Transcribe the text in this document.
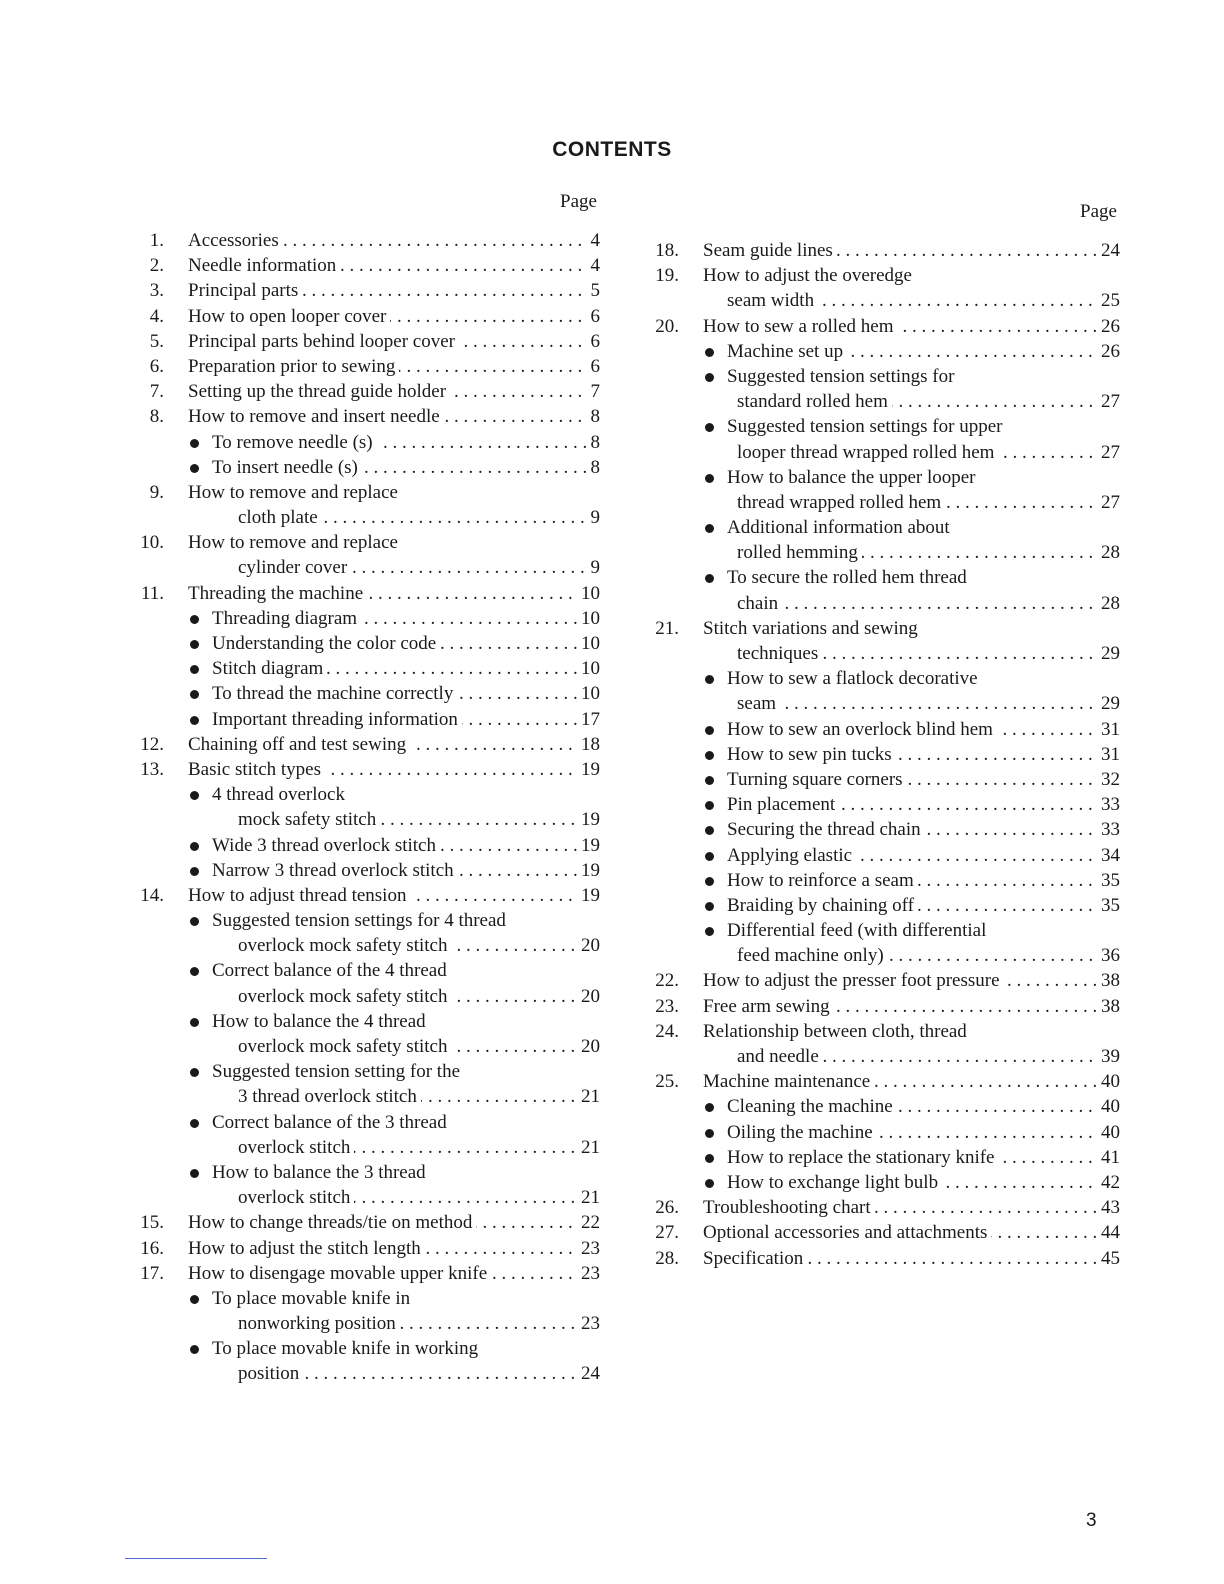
CONTENTS
Page	Page
1. Accessories	4
. . .
2. Needle information	4
. . .
3. Principal parts	5
. . .
4. How to open looper cover	6
. . .
5. Principal parts behind looper cover	6
. . .
6. Preparation prior to sewing	6
. . .
7. Setting up the thread guide holder	7
. . .
8. How to remove and insert needle	8
. . .
To remove needle (s)	8
. . .
To insert needle (s)	8
. . .
9. How to remove and replace
cloth plate	9
. . .
10. How to remove and replace
cylinder cover	9
. . .
11. Threading the machine	10
. . .
Threading diagram	10
. . .
Understanding the color code	10
. . .
Stitch diagram	10
. . .
To thread the machine correctly	10
. . .
Important threading information	17
. . .
12. Chaining off and test sewing	18
. . .
13. Basic stitch types	19
. . .
4 thread overlock
mock safety stitch	19
. . .
Wide 3 thread overlock stitch	19
. . .
Narrow 3 thread overlock stitch	19
. . .
14. How to adjust thread tension	19
. . .
Suggested tension settings for 4 thread
overlock mock safety stitch	20
. . .
Correct balance of the 4 thread
overlock mock safety stitch	20
. . .
How to balance the 4 thread
overlock mock safety stitch	20
. . .
Suggested tension setting for the
3 thread overlock stitch	21
. . .
Correct balance of the 3 thread
overlock stitch	21
. . .
How to balance the 3 thread
overlock stitch	21
. . .
15. How to change threads/tie on method	22
. . .
16. How to adjust the stitch length	23
. . .
17. How to disengage movable upper knife	23
. . .
To place movable knife in
nonworking position	23
. . .
To place movable knife in working
position	24
. . .
18. Seam guide lines	24
. . .
19. How to adjust the overedge
seam width	25
. . .
20. How to sew a rolled hem	26
. . .
Machine set up	26
. . .
Suggested tension settings for
standard rolled hem	27
. . .
Suggested tension settings for upper
looper thread wrapped rolled hem	27
. . .
How to balance the upper looper
thread wrapped rolled hem	27
. . .
Additional information about
rolled hemming	28
. . .
To secure the rolled hem thread
chain	28
. . .
21. Stitch variations and sewing
techniques	29
. . .
How to sew a flatlock decorative
seam	29
. . .
How to sew an overlock blind hem	31
. . .
How to sew pin tucks	31
. . .
Turning square corners	32
. . .
Pin placement	33
. . .
Securing the thread chain	33
. . .
Applying elastic	34
. . .
How to reinforce a seam	35
. . .
Braiding by chaining off	35
. . .
Differential feed (with differential
feed machine only)	36
. . .
22. How to adjust the presser foot pressure	38
. . .
23. Free arm sewing	38
. . .
24. Relationship between cloth, thread
and needle	39
. . .
25. Machine maintenance	40
. . .
Cleaning the machine	40
. . .
Oiling the machine	40
. . .
How to replace the stationary knife	41
. . .
How to exchange light bulb	42
. . .
26. Troubleshooting chart	43
. . .
27. Optional accessories and attachments	44
. . .
28. Specification	45
. . .
3
